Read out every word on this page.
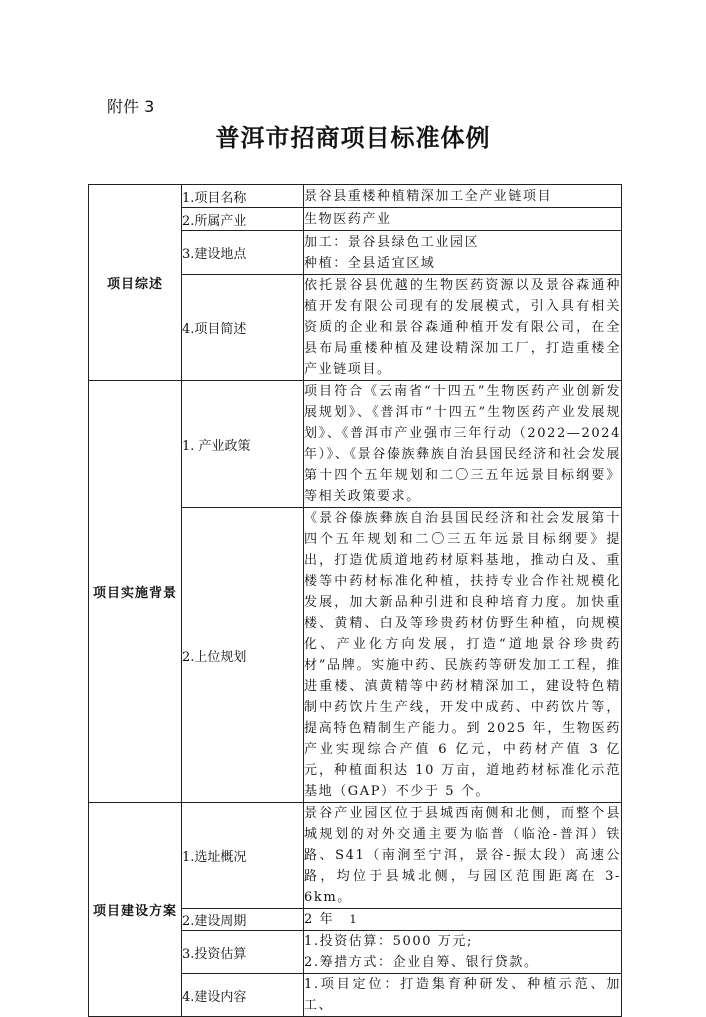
附件 3
普洱市招商项目标准体例
项目综述	1.项目名称	景谷县重楼种植精深加工全产业链项目
	2.所属产业	生物医药产业
	3.建设地点	加工：景谷县绿色工业园区
种植：全县适宜区域

	4.项目简述	依托景谷县优越的生物医药资源以及景谷森通种植开发有限公司现有的发展模式，引入具有相关资质的企业和景谷森通种植开发有限公司，在全县布局重楼种植及建设精深加工厂，打造重楼全产业链项目。
项目实施背景	1. 产业政策	项目符合《云南省“十四五”生物医药产业创新发展规划》、《普洱市“十四五”生物医药产业发展规划》、《普洱市产业强市三年行动（2022—2024 年）》、《景谷傣族彝族自治县国民经济和社会发展第十四个五年规划和二〇三五年远景目标纲要》等相关政策要求。
	2.上位规划	《景谷傣族彝族自治县国民经济和社会发展第十四个五年规划和二〇三五年远景目标纲要》提出，打造优质道地药材原料基地，推动白及、重楼等中药材标准化种植，扶持专业合作社规模化发展，加大新品种引进和良种培育力度。加快重楼、黄精、白及等珍贵药材仿野生种植，向规模化、产业化方向发展，打造“道地景谷珍贵药材”品牌。实施中药、民族药等研发加工工程，推进重楼、滇黄精等中药材精深加工，建设特色精制中药饮片生产线，开发中成药、中药饮片等，提高特色精制生产能力。到 2025 年，生物医药产业实现综合产值 6 亿元，中药材产值 3 亿元，种植面积达 10 万亩，道地药材标准化示范基地（GAP）不少于 5 个。
项目建设方案	1.选址概况	景谷产业园区位于县城西南侧和北侧，而整个县城规划的对外交通主要为临普（临沧-普洱）铁路、S41（南涧至宁洱，景谷-振太段）高速公路，均位于县城北侧，与园区范围距离在 3-6km。
	2.建设周期	2 年
	3.投资估算	1.投资估算：5000 万元;
2.筹措方式：企业自筹、银行贷款。

	4.建设内容	1.项目定位：打造集育种研发、种植示范、加工、
1
